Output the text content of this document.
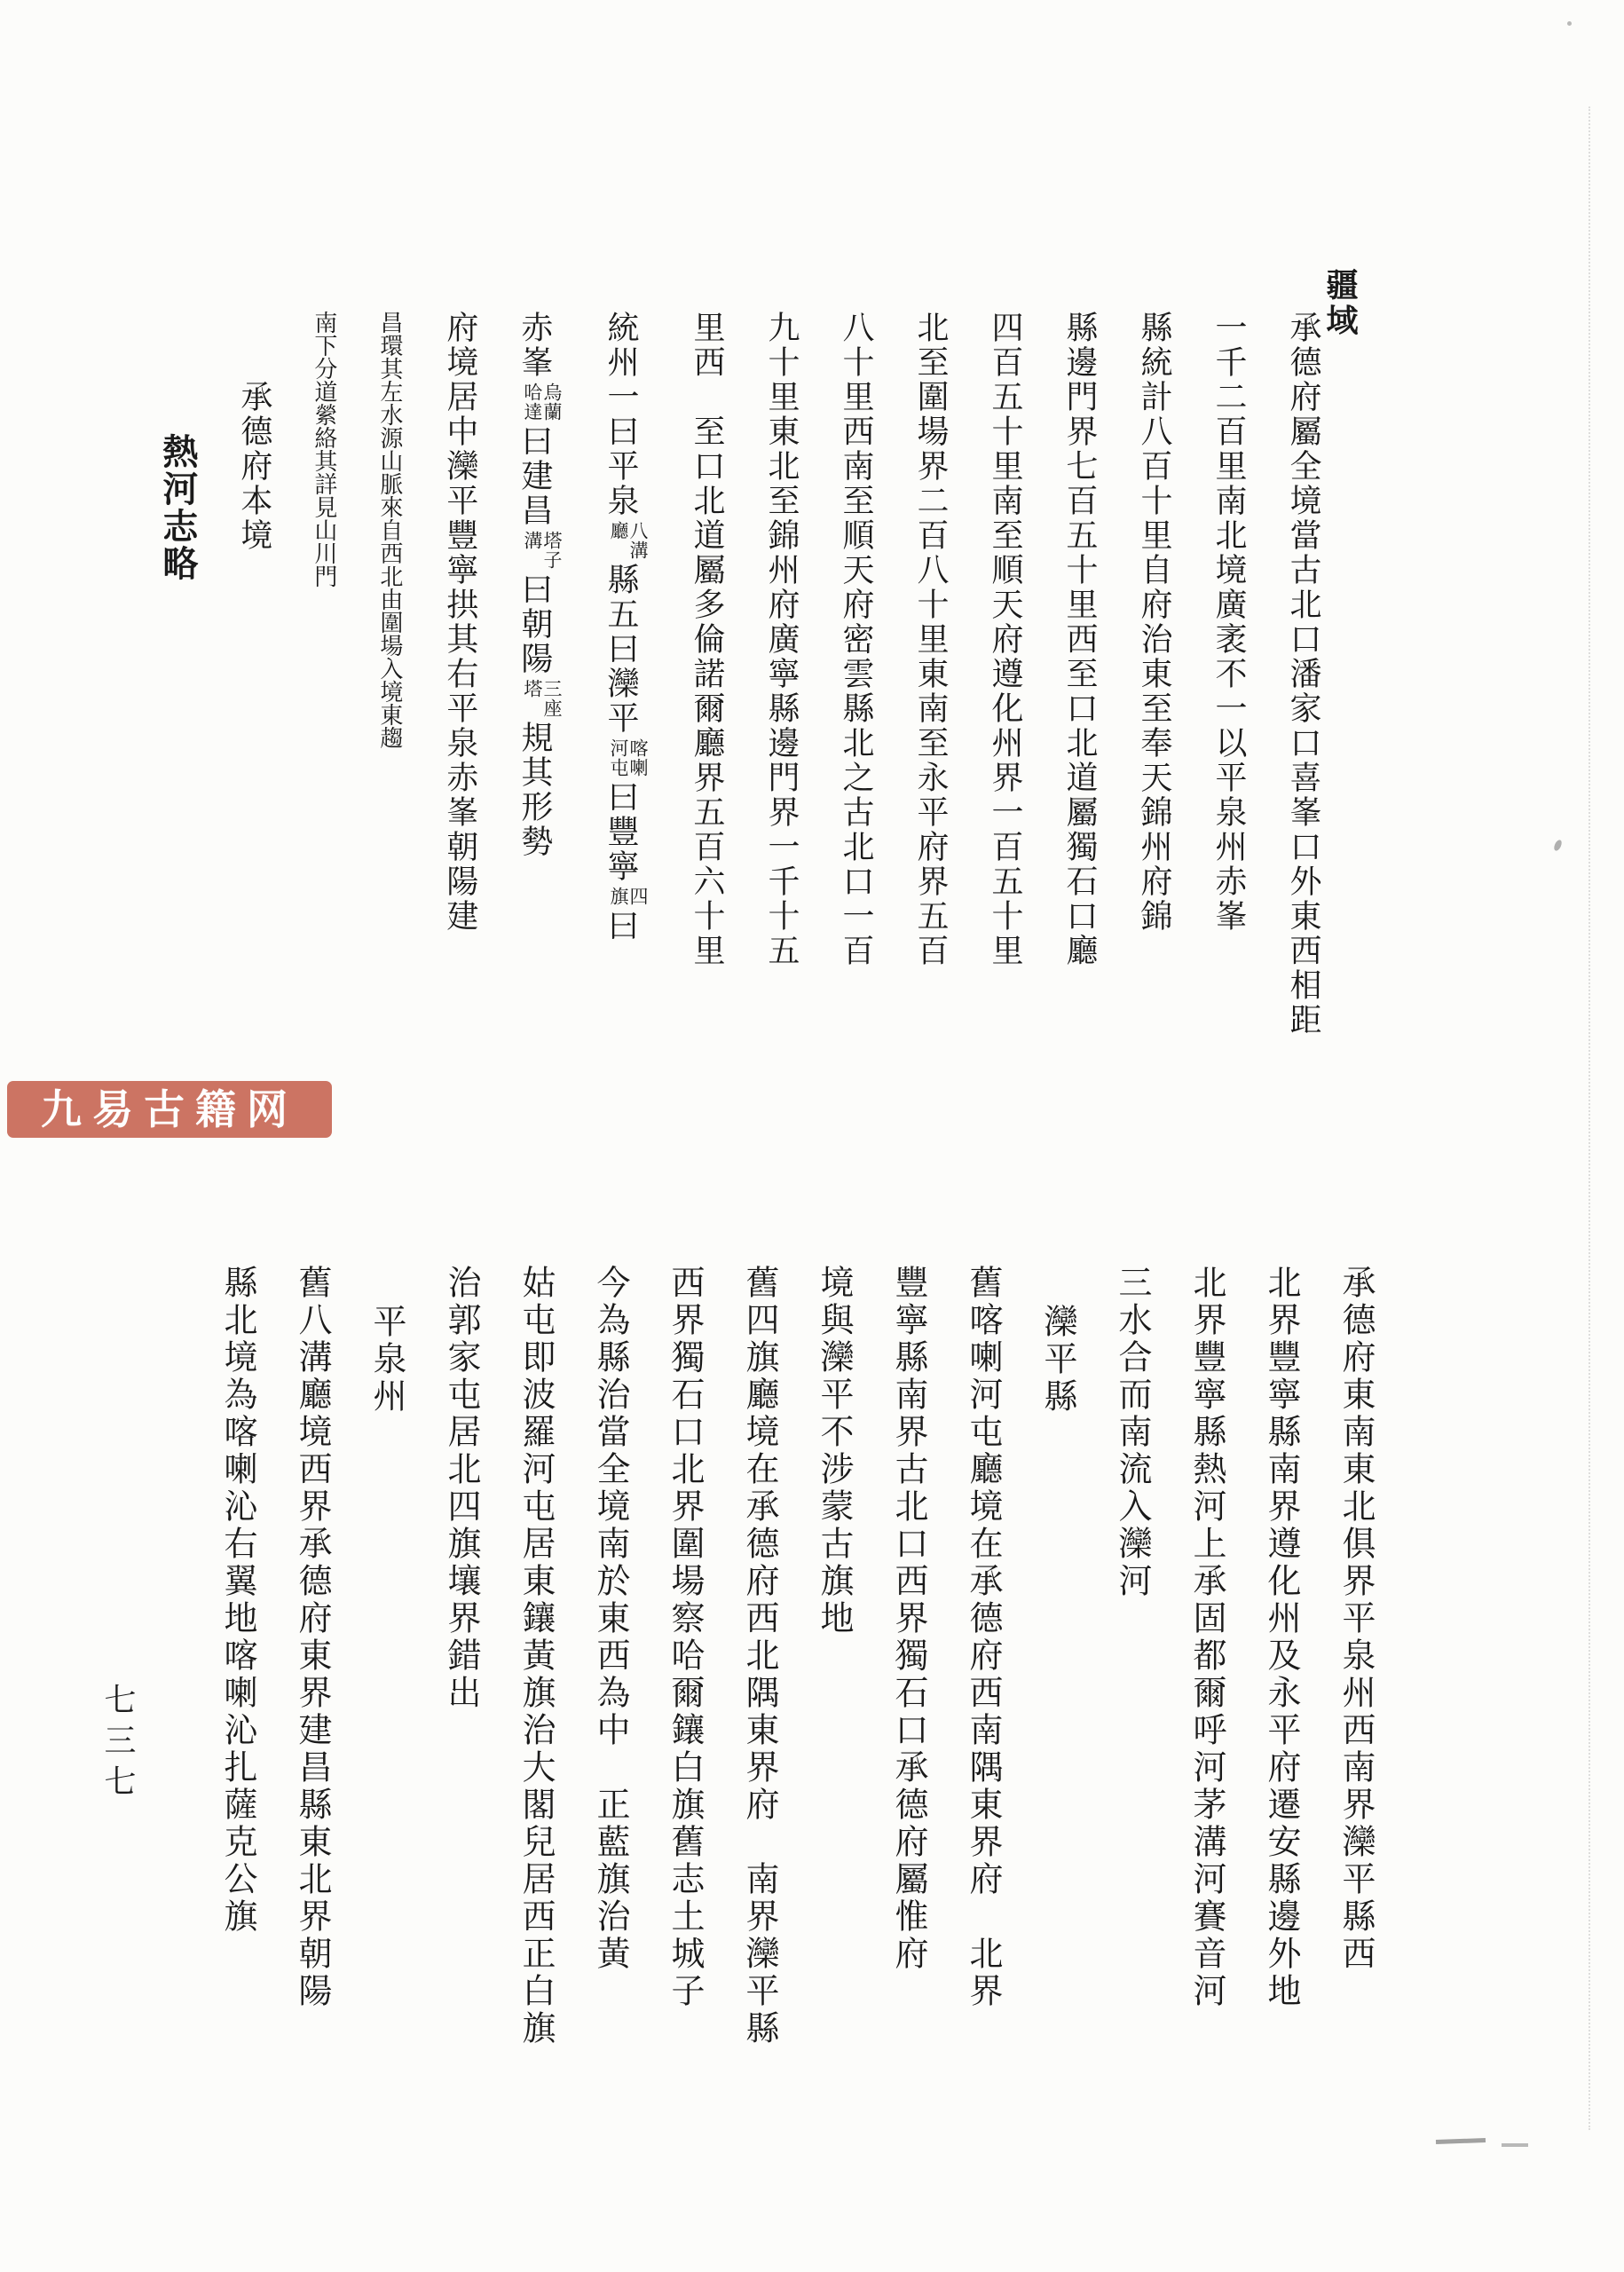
疆域

承德府屬全境當古北口潘家口喜峯口外東西相距

一千二百里南北境廣袤不一以平泉州赤峯

縣統計八百十里自府治東至奉天錦州府錦

縣邊門界七百五十里西至口北道屬獨石口廳

四百五十里南至順天府遵化州界一百五十里

北至圍場界二百八十里東南至永平府界五百

八十里西南至順天府密雲縣北之古北口一百

九十里東北至錦州府廣寧縣邊門界一千十五

里西　至口北道屬多倫諾爾廳界五百六十里

統州一曰平泉
八溝
廳
縣五曰灤平
喀喇
河屯
曰豐寧
四
旗
曰

赤峯
烏蘭
哈達
曰建昌
塔子
溝
曰朝陽
三座
塔
規其形勢

府境居中灤平豐寧拱其右平泉赤峯朝陽建

昌環其左水源山脈來自西北由圍場入境東趨

南下分道縈絡其詳見山川門

承德府本境

熱河志略

承德府東南東北俱界平泉州西南界灤平縣西

北界豐寧縣南界遵化州及永平府遷安縣邊外地

北界豐寧縣熱河上承固都爾呼河茅溝河賽音河

三水合而南流入灤河

灤平縣

舊喀喇河屯廳境在承德府西南隅東界府　北界

豐寧縣南界古北口西界獨石口承德府屬惟府

境與灤平不涉蒙古旗地

舊四旗廳境在承德府西北隅東界府　南界灤平縣

西界獨石口北界圍場察哈爾鑲白旗舊志土城子

今為縣治當全境南於東西為中　正藍旗治黃

姑屯即波羅河屯居東鑲黃旗治大閣兒居西正白旗

治郭家屯居北四旗壤界錯出

平泉州

舊八溝廳境西界承德府東界建昌縣東北界朝陽

縣北境為喀喇沁右翼地喀喇沁扎薩克公旗

七三七
九易古籍网
